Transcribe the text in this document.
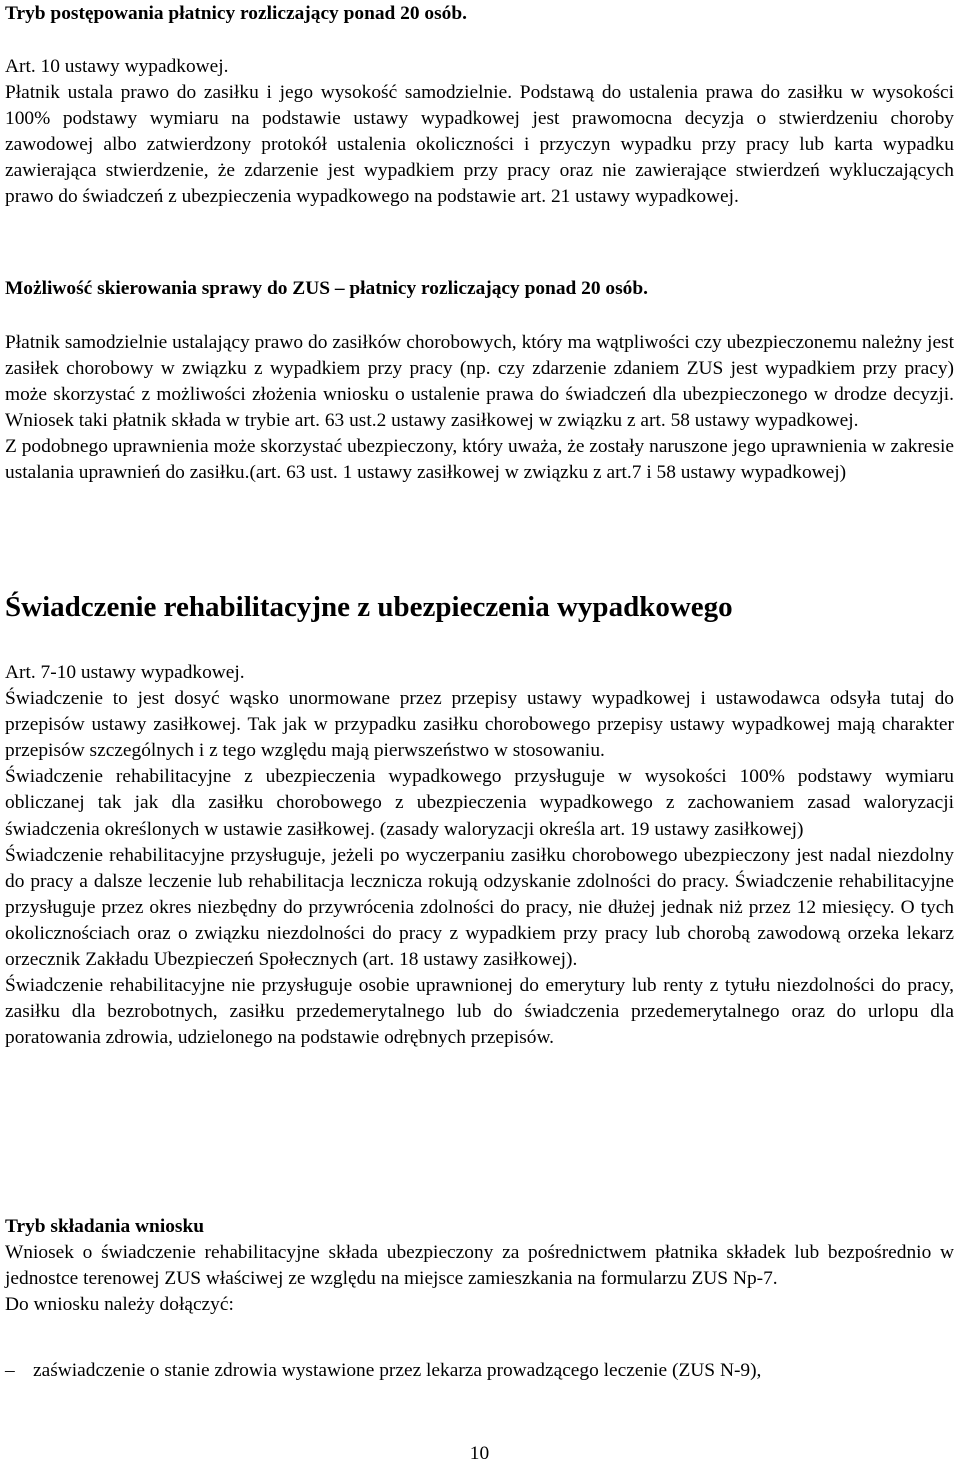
Tryb postępowania płatnicy rozliczający ponad 20 osób.

Art. 10 ustawy wypadkowej.

Płatnik ustala prawo do zasiłku i jego wysokość samodzielnie. Podstawą do ustalenia prawa do zasiłku w wysokości 100% podstawy wymiaru na podstawie ustawy wypadkowej jest prawomocna decyzja o stwierdzeniu choroby zawodowej albo zatwierdzony protokół ustalenia okoliczności i przyczyn wypadku przy pracy lub karta wypadku zawierająca stwierdzenie, że zdarzenie jest wypadkiem przy pracy oraz nie zawierające stwierdzeń wykluczających prawo do świadczeń z ubezpieczenia wypadkowego na podstawie art. 21 ustawy wypadkowej.

Możliwość skierowania sprawy do ZUS – płatnicy rozliczający ponad 20 osób.

Płatnik samodzielnie ustalający prawo do zasiłków chorobowych, który ma wątpliwości czy ubezpieczonemu należny jest zasiłek chorobowy w związku z wypadkiem przy pracy (np. czy zdarzenie zdaniem ZUS jest wypadkiem przy pracy) może skorzystać z możliwości złożenia wniosku o ustalenie prawa do świadczeń dla ubezpieczonego w drodze decyzji. Wniosek taki płatnik składa w trybie art. 63 ust.2 ustawy zasiłkowej w związku z art. 58 ustawy wypadkowej.

Z podobnego uprawnienia może skorzystać ubezpieczony, który uważa, że zostały naruszone jego uprawnienia w zakresie ustalania uprawnień do zasiłku.(art. 63 ust. 1 ustawy zasiłkowej w związku z art.7 i 58 ustawy wypadkowej)

Świadczenie rehabilitacyjne z ubezpieczenia wypadkowego

Art. 7-10 ustawy wypadkowej.

Świadczenie to jest dosyć wąsko unormowane przez przepisy ustawy wypadkowej i ustawodawca odsyła tutaj do przepisów ustawy zasiłkowej. Tak jak w przypadku zasiłku chorobowego przepisy ustawy wypadkowej mają charakter przepisów szczególnych i z tego względu mają pierwszeństwo w stosowaniu.

Świadczenie rehabilitacyjne z ubezpieczenia wypadkowego przysługuje w wysokości 100% podstawy wymiaru obliczanej tak jak dla zasiłku chorobowego z ubezpieczenia wypadkowego z zachowaniem zasad waloryzacji świadczenia określonych w ustawie zasiłkowej. (zasady waloryzacji określa art. 19 ustawy zasiłkowej)

Świadczenie rehabilitacyjne przysługuje, jeżeli po wyczerpaniu zasiłku chorobowego ubezpieczony jest nadal niezdolny do pracy a dalsze leczenie lub rehabilitacja lecznicza rokują odzyskanie zdolności do pracy. Świadczenie rehabilitacyjne przysługuje przez okres niezbędny do przywrócenia zdolności do pracy, nie dłużej jednak niż przez 12 miesięcy. O tych okolicznościach oraz o związku niezdolności do pracy z wypadkiem przy pracy lub chorobą zawodową orzeka lekarz orzecznik Zakładu Ubezpieczeń Społecznych (art. 18 ustawy zasiłkowej).

Świadczenie rehabilitacyjne nie przysługuje osobie uprawnionej do emerytury lub renty z tytułu niezdolności do pracy, zasiłku dla bezrobotnych, zasiłku przedemerytalnego lub do świadczenia przedemerytalnego oraz do urlopu dla poratowania zdrowia, udzielonego na podstawie odrębnych przepisów.

Tryb składania wniosku

Wniosek o świadczenie rehabilitacyjne składa ubezpieczony za pośrednictwem płatnika składek lub bezpośrednio w jednostce terenowej ZUS właściwej ze względu na miejsce zamieszkania na formularzu ZUS Np-7.

Do wniosku należy dołączyć:

– zaświadczenie o stanie zdrowia wystawione przez lekarza prowadzącego leczenie (ZUS N-9),
10
